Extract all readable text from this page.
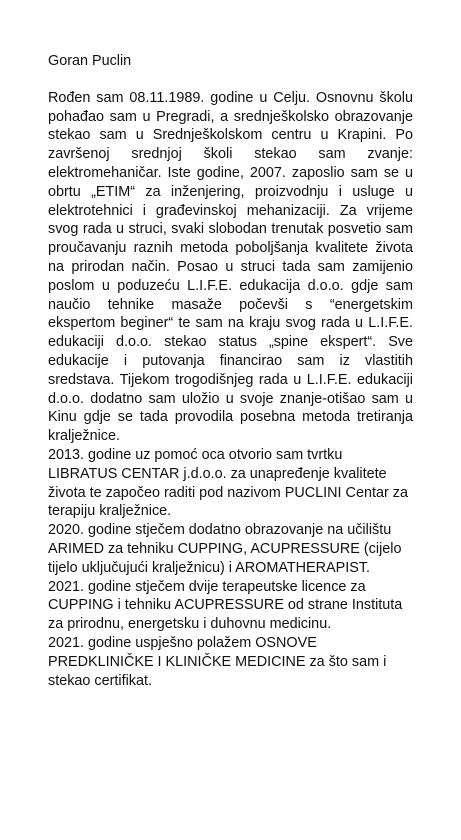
Goran Puclin

Rođen sam 08.11.1989. godine u Celju. Osnovnu školu pohađao sam u Pregradi, a srednješkolsko obrazovanje stekao sam u Srednješkolskom centru u Krapini. Po završenoj srednjoj školi stekao sam zvanje: elektromehaničar. Iste godine, 2007. zaposlio sam se u obrtu „ETIM“ za inženjering, proizvodnju i usluge u elektrotehnici i građevinskoj mehanizaciji. Za vrijeme svog rada u struci, svaki slobodan trenutak posvetio sam proučavanju raznih metoda poboljšanja kvalitete života na prirodan način. Posao u struci tada sam zamijenio poslom u poduzeću L.I.F.E. edukacija d.o.o. gdje sam naučio tehnike masaže počevši s “energetskim ekspertom beginer“ te sam na kraju svog rada u L.I.F.E. edukaciji d.o.o. stekao status „spine ekspert“. Sve edukacije i putovanja financirao sam iz vlastitih sredstava. Tijekom trogodišnjeg rada u L.I.F.E. edukaciji d.o.o. dodatno sam uložio u svoje znanje-otišao sam u Kinu gdje se tada provodila posebna metoda tretiranja kralježnice.

2013. godine uz pomoć oca otvorio sam tvrtku LIBRATUS CENTAR j.d.o.o. za unapređenje kvalitete života te započeo raditi pod nazivom PUCLINI Centar za terapiju kralježnice.

2020. godine stječem dodatno obrazovanje na učilištu ARIMED za tehniku CUPPING, ACUPRESSURE (cijelo tijelo uključujući kralježnicu) i AROMATHERAPIST.

2021. godine stječem dvije terapeutske licence za CUPPING i tehniku ACUPRESSURE od strane Instituta za prirodnu, energetsku i duhovnu medicinu.

2021. godine uspješno polažem OSNOVE PREDKLINIČKE I KLINIČKE MEDICINE za što sam i stekao certifikat.
